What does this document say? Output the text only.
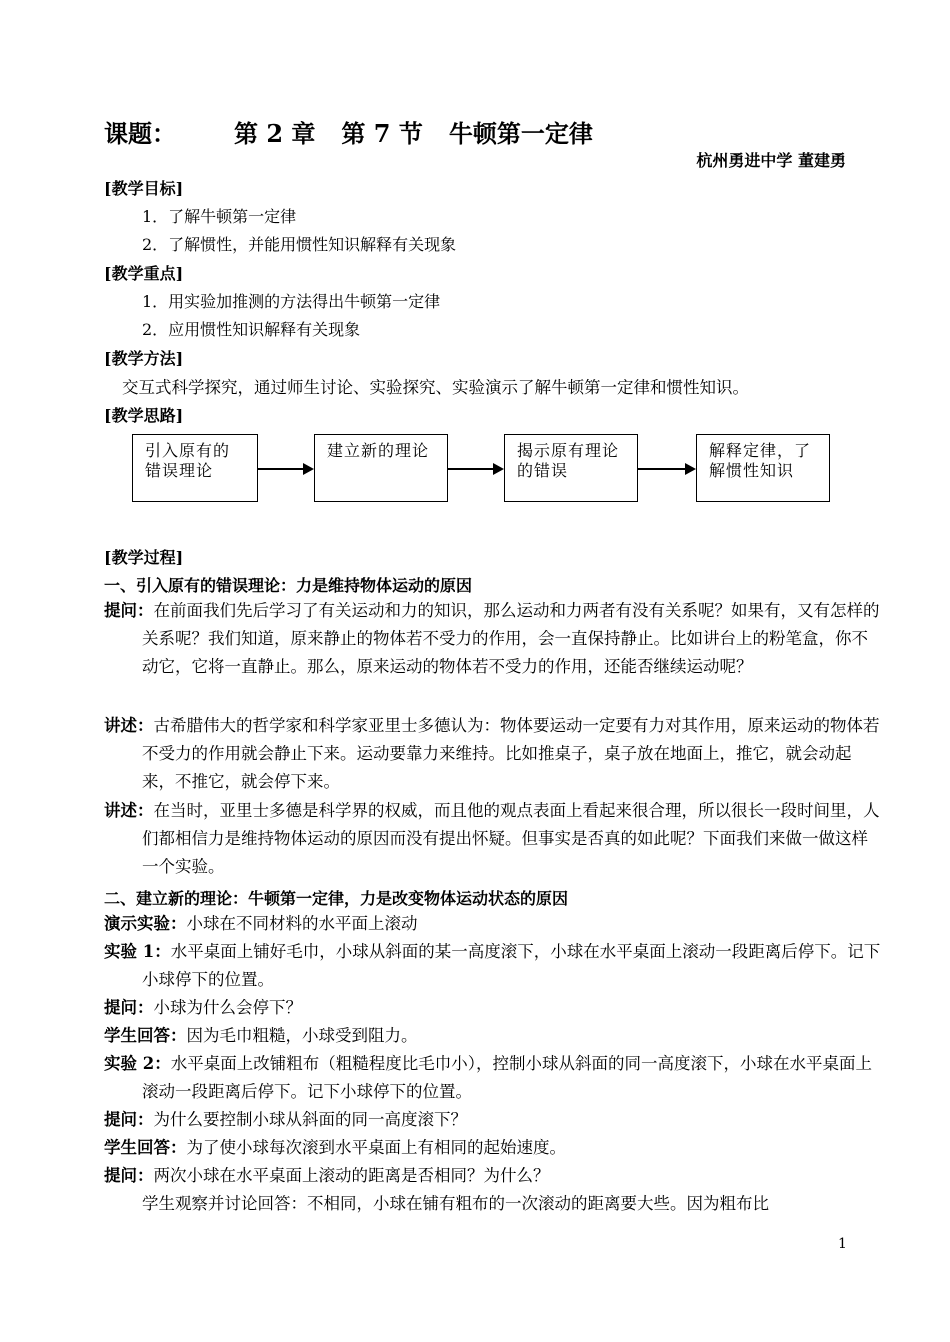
课题： 第 2 章 第 7 节 牛顿第一定律
杭州勇进中学 董建勇
[教学目标]
1．了解牛顿第一定律
2．了解惯性，并能用惯性知识解释有关现象
[教学重点]
1．用实验加推测的方法得出牛顿第一定律
2．应用惯性知识解释有关现象
[教学方法]
交互式科学探究，通过师生讨论、实验探究、实验演示了解牛顿第一定律和惯性知识。
[教学思路]
引入原有的错误理论
建立新的理论	揭示原有理论的错误
解释定律，了解惯性知识
[教学过程]
一、引入原有的错误理论：力是维持物体运动的原因
提问：在前面我们先后学习了有关运动和力的知识，那么运动和力两者有没有关系呢？如果有，又有怎样的关系呢？我们知道，原来静止的物体若不受力的作用，会一直保持静止。比如讲台上的粉笔盒，你不动它，它将一直静止。那么，原来运动的物体若不受力的作用，还能否继续运动呢？
讲述：古希腊伟大的哲学家和科学家亚里士多德认为：物体要运动一定要有力对其作用，原来运动的物体若不受力的作用就会静止下来。运动要靠力来维持。比如推桌子，桌子放在地面上，推它，就会动起来，不推它，就会停下来。
讲述：在当时，亚里士多德是科学界的权威，而且他的观点表面上看起来很合理，所以很长一段时间里，人们都相信力是维持物体运动的原因而没有提出怀疑。但事实是否真的如此呢？下面我们来做一做这样一个实验。
二、建立新的理论：牛顿第一定律，力是改变物体运动状态的原因
演示实验：小球在不同材料的水平面上滚动
实验 1：水平桌面上铺好毛巾，小球从斜面的某一高度滚下，小球在水平桌面上滚动一段距离后停下。记下小球停下的位置。
提问：小球为什么会停下？
学生回答：因为毛巾粗糙，小球受到阻力。
实验 2：水平桌面上改铺粗布（粗糙程度比毛巾小），控制小球从斜面的同一高度滚下，小球在水平桌面上滚动一段距离后停下。记下小球停下的位置。
提问：为什么要控制小球从斜面的同一高度滚下？
学生回答：为了使小球每次滚到水平桌面上有相同的起始速度。
提问：两次小球在水平桌面上滚动的距离是否相同？为什么？
学生观察并讨论回答：不相同，小球在铺有粗布的一次滚动的距离要大些。因为粗布比
1
